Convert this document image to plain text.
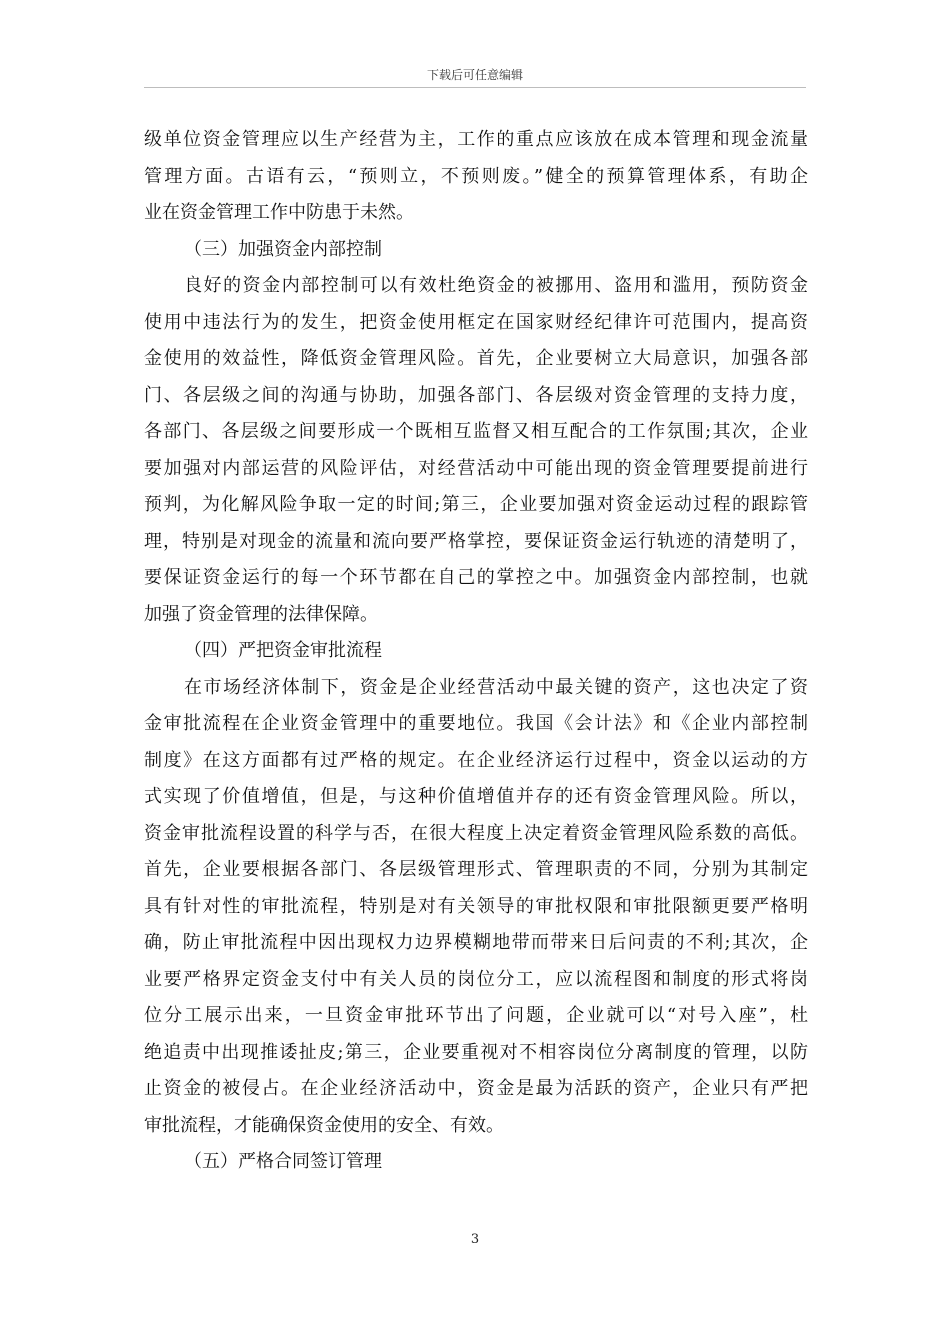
下载后可任意编辑
级单位资金管理应以生产经营为主，工作的重点应该放在成本管理和现金流量
管理方面。古语有云，“预则立，不预则废。”健全的预算管理体系，有助企
业在资金管理工作中防患于未然。
（三）加强资金内部控制
良好的资金内部控制可以有效杜绝资金的被挪用、盗用和滥用，预防资金
使用中违法行为的发生，把资金使用框定在国家财经纪律许可范围内，提高资
金使用的效益性，降低资金管理风险。首先，企业要树立大局意识，加强各部
门、各层级之间的沟通与协助，加强各部门、各层级对资金管理的支持力度，
各部门、各层级之间要形成一个既相互监督又相互配合的工作氛围;其次，企业
要加强对内部运营的风险评估，对经营活动中可能出现的资金管理要提前进行
预判，为化解风险争取一定的时间;第三，企业要加强对资金运动过程的跟踪管
理，特别是对现金的流量和流向要严格掌控，要保证资金运行轨迹的清楚明了，
要保证资金运行的每一个环节都在自己的掌控之中。加强资金内部控制，也就
加强了资金管理的法律保障。
（四）严把资金审批流程
在市场经济体制下，资金是企业经营活动中最关键的资产，这也决定了资
金审批流程在企业资金管理中的重要地位。我国《会计法》和《企业内部控制
制度》在这方面都有过严格的规定。在企业经济运行过程中，资金以运动的方
式实现了价值增值，但是，与这种价值增值并存的还有资金管理风险。所以，
资金审批流程设置的科学与否，在很大程度上决定着资金管理风险系数的高低。
首先，企业要根据各部门、各层级管理形式、管理职责的不同，分别为其制定
具有针对性的审批流程，特别是对有关领导的审批权限和审批限额更要严格明
确，防止审批流程中因出现权力边界模糊地带而带来日后问责的不利;其次，企
业要严格界定资金支付中有关人员的岗位分工，应以流程图和制度的形式将岗
位分工展示出来，一旦资金审批环节出了问题，企业就可以“对号入座”，杜
绝追责中出现推诿扯皮;第三，企业要重视对不相容岗位分离制度的管理，以防
止资金的被侵占。在企业经济活动中，资金是最为活跃的资产，企业只有严把
审批流程，才能确保资金使用的安全、有效。
（五）严格合同签订管理
3
